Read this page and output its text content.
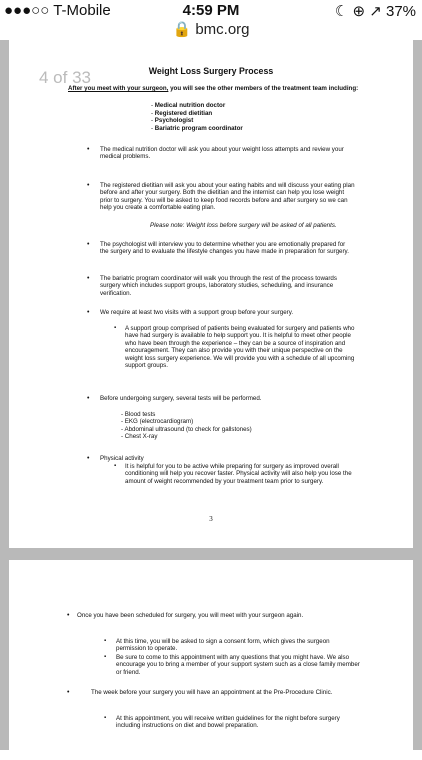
●●●○○ T-Mobile	4:59 PM	☾ ⊕ ↗ 37%
🔒 bmc.org
4 of 33	Weight Loss Surgery Process
After you meet with your surgeon, you will see the other members of the treatment team including:
- Medical nutrition doctor
- Registered dietitian
- Psychologist
- Bariatric program coordinator
• The medical nutrition doctor will ask you about your weight loss attempts and review your medical problems.
• The registered dietitian will ask you about your eating habits and will discuss your eating plan before and after your surgery. Both the dietitian and the internist can help you lose weight prior to surgery. You will be asked to keep food records before and after surgery so we can help you create a comfortable eating plan.
Please note: Weight loss before surgery will be asked of all patients.
• The psychologist will interview you to determine whether you are emotionally prepared for the surgery and to evaluate the lifestyle changes you have made in preparation for surgery.
• The bariatric program coordinator will walk you through the rest of the process towards surgery which includes support groups, laboratory studies, scheduling, and insurance verification.
• We require at least two visits with a support group before your surgery.
▪ A support group comprised of patients being evaluated for surgery and patients who have had surgery is available to help support you. It is helpful to meet other people who have been through the experience – they can be a source of inspiration and encouragement. They can also provide you with their unique perspective on the weight loss surgery experience. We will provide you with a schedule of all upcoming support groups.
• Before undergoing surgery, several tests will be performed.
- Blood tests
- EKG (electrocardiogram)
- Abdominal ultrasound (to check for gallstones)
- Chest X-ray
• Physical activity
▪ It is helpful for you to be active while preparing for surgery as improved overall conditioning will help you recover faster. Physical activity will also help you lose the amount of weight recommended by your treatment team prior to surgery.
3
• Once you have been scheduled for surgery, you will meet with your surgeon again.
▪ At this time, you will be asked to sign a consent form, which gives the surgeon permission to operate.
▪ Be sure to come to this appointment with any questions that you might have. We also encourage you to bring a member of your support system such as a close family member or friend.
•	The week before your surgery you will have an appointment at the Pre-Procedure Clinic.
▪ At this appointment, you will receive written guidelines for the night before surgery including instructions on diet and bowel preparation.
